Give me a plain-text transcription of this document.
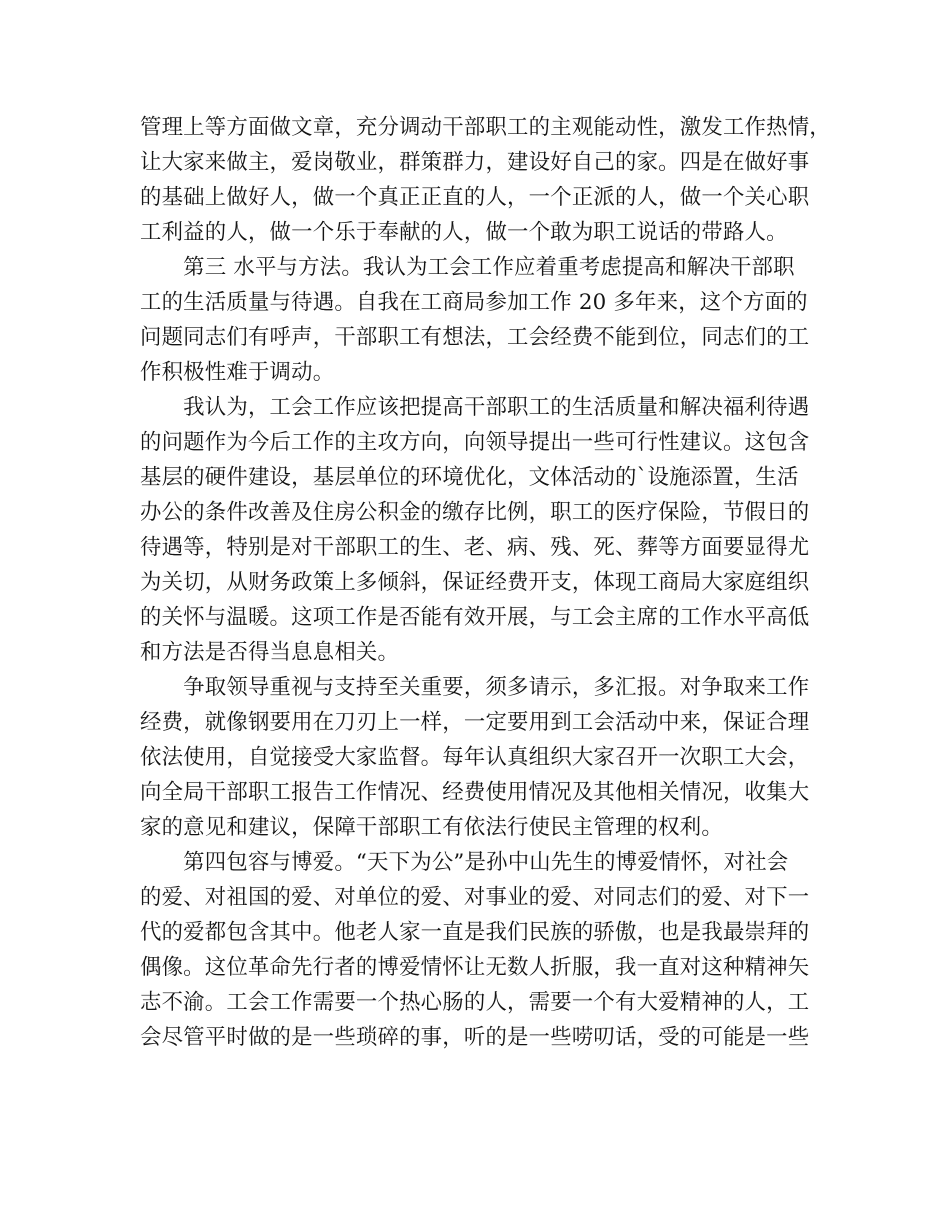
管理上等方面做文章，充分调动干部职工的主观能动性，激发工作热情，
让大家来做主，爱岗敬业，群策群力，建设好自己的家。四是在做好事
的基础上做好人，做一个真正正直的人，一个正派的人，做一个关心职
工利益的人，做一个乐于奉献的人，做一个敢为职工说话的带路人。
　　第三 水平与方法。我认为工会工作应着重考虑提高和解决干部职
工的生活质量与待遇。自我在工商局参加工作 20 多年来，这个方面的
问题同志们有呼声，干部职工有想法，工会经费不能到位，同志们的工
作积极性难于调动。
　　我认为，工会工作应该把提高干部职工的生活质量和解决福利待遇
的问题作为今后工作的主攻方向，向领导提出一些可行性建议。这包含
基层的硬件建设，基层单位的环境优化，文体活动的`设施添置，生活
办公的条件改善及住房公积金的缴存比例，职工的医疗保险，节假日的
待遇等，特别是对干部职工的生、老、病、残、死、葬等方面要显得尤
为关切，从财务政策上多倾斜，保证经费开支，体现工商局大家庭组织
的关怀与温暖。这项工作是否能有效开展，与工会主席的工作水平高低
和方法是否得当息息相关。
　　争取领导重视与支持至关重要，须多请示，多汇报。对争取来工作
经费，就像钢要用在刀刃上一样，一定要用到工会活动中来，保证合理
依法使用，自觉接受大家监督。每年认真组织大家召开一次职工大会，
向全局干部职工报告工作情况、经费使用情况及其他相关情况，收集大
家的意见和建议，保障干部职工有依法行使民主管理的权利。
　　第四包容与博爱。“天下为公”是孙中山先生的博爱情怀，对社会
的爱、对祖国的爱、对单位的爱、对事业的爱、对同志们的爱、对下一
代的爱都包含其中。他老人家一直是我们民族的骄傲，也是我最崇拜的
偶像。这位革命先行者的博爱情怀让无数人折服，我一直对这种精神矢
志不渝。工会工作需要一个热心肠的人，需要一个有大爱精神的人，工
会尽管平时做的是一些琐碎的事，听的是一些唠叨话，受的可能是一些
